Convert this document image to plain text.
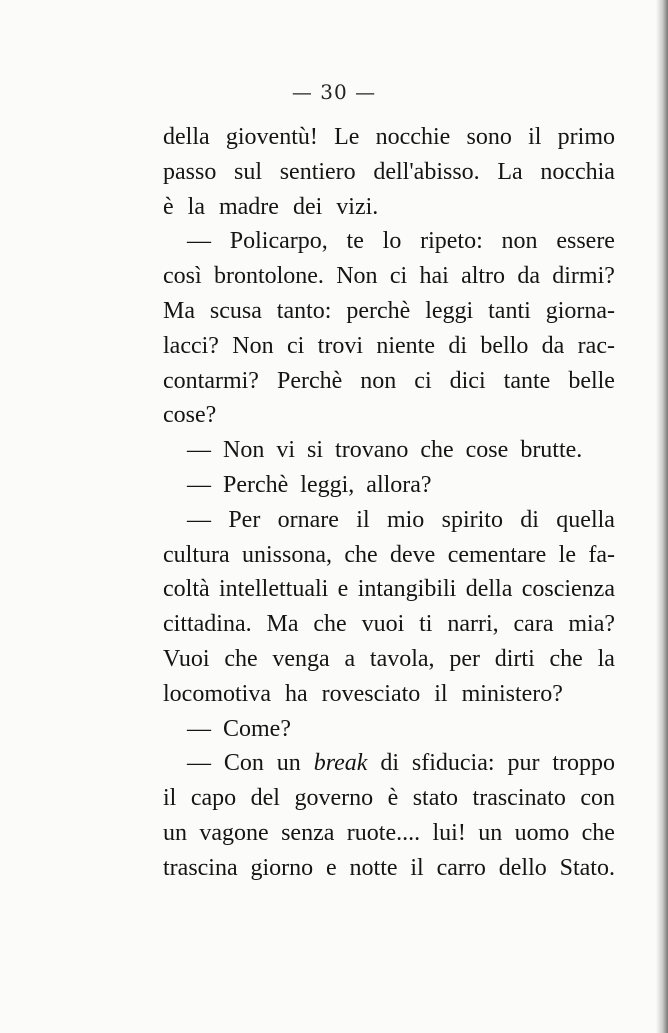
— 30 —
della gioventù! Le nocchie sono il primo
passo sul sentiero dell'abisso. La nocchia
è la madre dei vizi.
— Policarpo, te lo ripeto: non essere
così brontolone. Non ci hai altro da dirmi?
Ma scusa tanto: perchè leggi tanti giorna-
lacci? Non ci trovi niente di bello da rac-
contarmi? Perchè non ci dici tante belle
cose?
— Non vi si trovano che cose brutte.
— Perchè leggi, allora?
— Per ornare il mio spirito di quella
cultura unissona, che deve cementare le fa-
coltà intellettuali e intangibili della coscienza
cittadina. Ma che vuoi ti narri, cara mia?
Vuoi che venga a tavola, per dirti che la
locomotiva ha rovesciato il ministero?
— Come?
— Con un break di sfiducia: pur troppo
il capo del governo è stato trascinato con
un vagone senza ruote.... lui! un uomo che
trascina giorno e notte il carro dello Stato.
